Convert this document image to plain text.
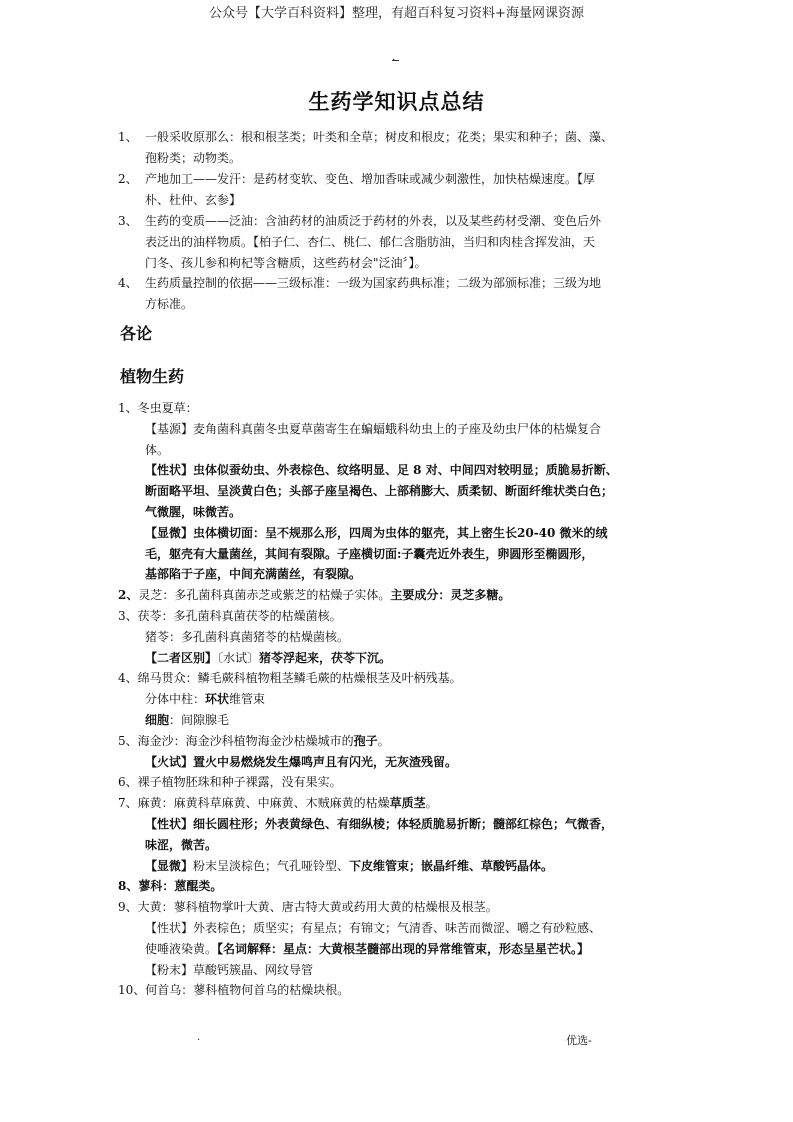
公众号【大学百科资料】整理，有超百科复习资料+海量网课资源
.
生药学知识点总结
1、 一般采收原那么：根和根茎类；叶类和全草；树皮和根皮；花类；果实和种子；菌、藻、
孢粉类；动物类。
2、 产地加工——发汗：是药材变软、变色、增加香味或减少刺激性，加快枯燥速度。【厚
朴、杜仲、玄参】
3、 生药的变质——泛油：含油药材的油质泛于药材的外表，以及某些药材受潮、变色后外
表泛出的油样物质。【柏子仁、杏仁、桃仁、郁仁含脂肪油，当归和肉桂含挥发油，天
门冬、孩儿参和枸杞等含糖质，这些药材会"泛油〞】。
4、 生药质量控制的依据——三级标准：一级为国家药典标准；二级为部颁标准；三级为地
方标准。
各论
植物生药
1、冬虫夏草：
【基源】麦角菌科真菌冬虫夏草菌寄生在蝙蝠蛾科幼虫上的子座及幼虫尸体的枯燥复合
体。
【性状】虫体似蚕幼虫、外表棕色、纹络明显、足 8 对、中间四对较明显；质脆易折断、
断面略平坦、呈淡黄白色；头部子座呈褐色、上部稍膨大、质柔韧、断面纤维状类白色；
气微腥，味微苦。
【显微】虫体横切面：呈不规那么形，四周为虫体的躯壳，其上密生长20-40 微米的绒
毛，躯壳有大量菌丝，其间有裂隙。子座横切面:子囊壳近外表生，卵圆形至椭圆形，
基部陷于子座，中间充满菌丝，有裂隙。
2、灵芝：多孔菌科真菌赤芝或紫芝的枯燥子实体。主要成分：灵芝多糖。
3、茯苓：多孔菌科真菌茯苓的枯燥菌核。
猪苓：多孔菌科真菌猪苓的枯燥菌核。
【二者区别】〔水试〕猪苓浮起来，茯苓下沉。
4、绵马贯众：鳞毛蕨科植物粗茎鳞毛蕨的枯燥根茎及叶柄残基。
分体中柱：环状维管束
细胞：间隙腺毛
5、海金沙：海金沙科植物海金沙枯燥城市的孢子。
【火试】置火中易燃烧发生爆鸣声且有闪光，无灰渣残留。
6、裸子植物胚珠和种子裸露，没有果实。
7、麻黄：麻黄科草麻黄、中麻黄、木贼麻黄的枯燥草质茎。
【性状】细长圆柱形；外表黄绿色、有细纵棱；体轻质脆易折断；髓部红棕色；气微香，
味涩，微苦。
【显微】粉末呈淡棕色；气孔哑铃型、下皮维管束；嵌晶纤维、草酸钙晶体。
8、蓼科：蒽醌类。
9、大黄：蓼科植物掌叶大黄、唐古特大黄或药用大黄的枯燥根及根茎。
【性状】外表棕色；质坚实；有星点；有锦文；气清香、味苦而微涩、嚼之有砂粒感、
使唾液染黄。【名词解释：星点：大黄根茎髓部出现的异常维管束，形态呈星芒状。】
【粉末】草酸钙簇晶、网纹导管
10、何首乌：蓼科植物何首乌的枯燥块根。
.	优选-
